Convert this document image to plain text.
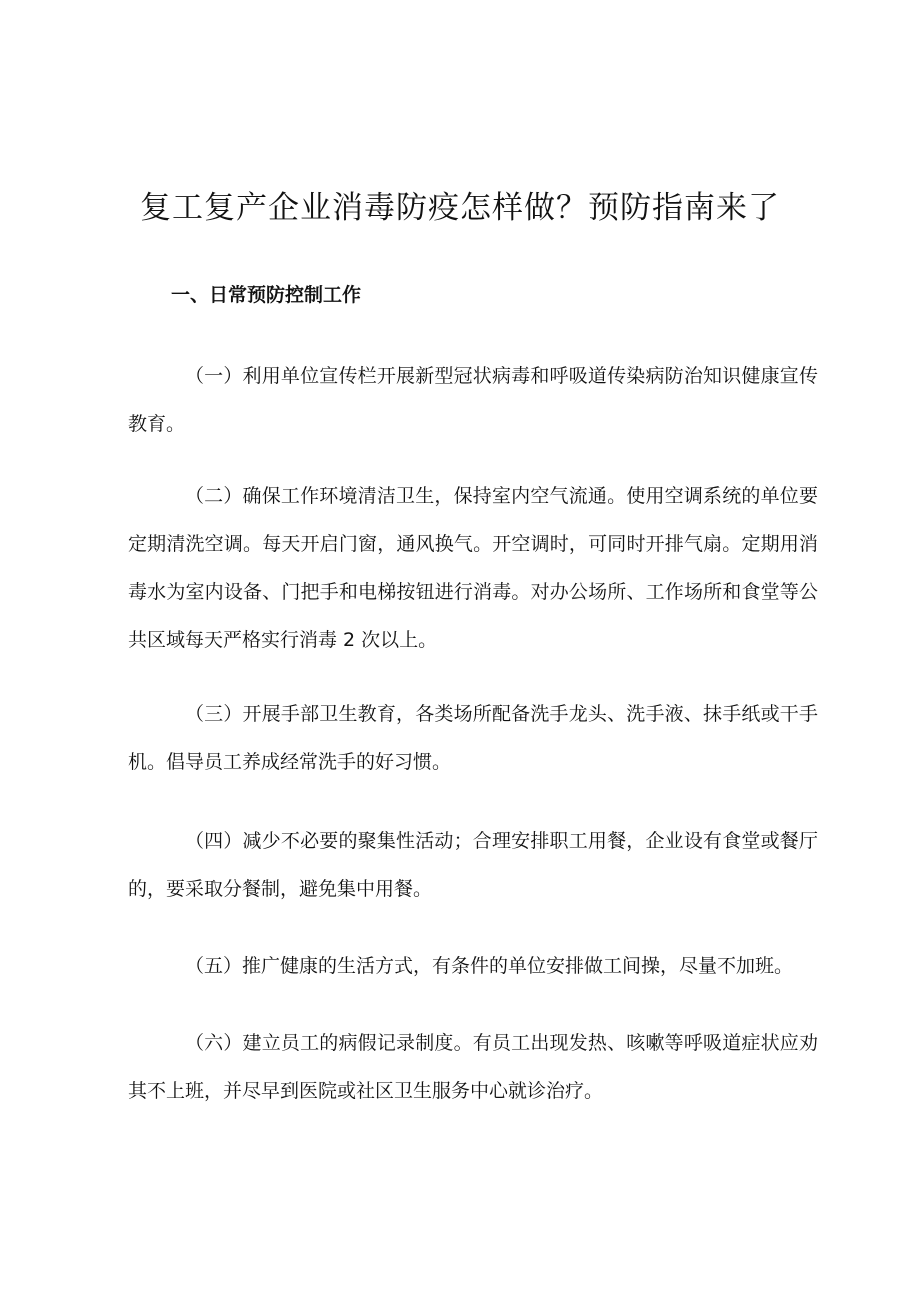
复工复产企业消毒防疫怎样做？预防指南来了
一、日常预防控制工作

（一）利用单位宣传栏开展新型冠状病毒和呼吸道传染病防治知识健康宣传教育。

（二）确保工作环境清洁卫生，保持室内空气流通。使用空调系统的单位要定期清洗空调。每天开启门窗，通风换气。开空调时，可同时开排气扇。定期用消毒水为室内设备、门把手和电梯按钮进行消毒。对办公场所、工作场所和食堂等公共区域每天严格实行消毒 2 次以上。

（三）开展手部卫生教育，各类场所配备洗手龙头、洗手液、抹手纸或干手机。倡导员工养成经常洗手的好习惯。

（四）减少不必要的聚集性活动；合理安排职工用餐，企业设有食堂或餐厅的，要采取分餐制，避免集中用餐。

（五）推广健康的生活方式，有条件的单位安排做工间操，尽量不加班。

（六）建立员工的病假记录制度。有员工出现发热、咳嗽等呼吸道症状应劝其不上班，并尽早到医院或社区卫生服务中心就诊治疗。
